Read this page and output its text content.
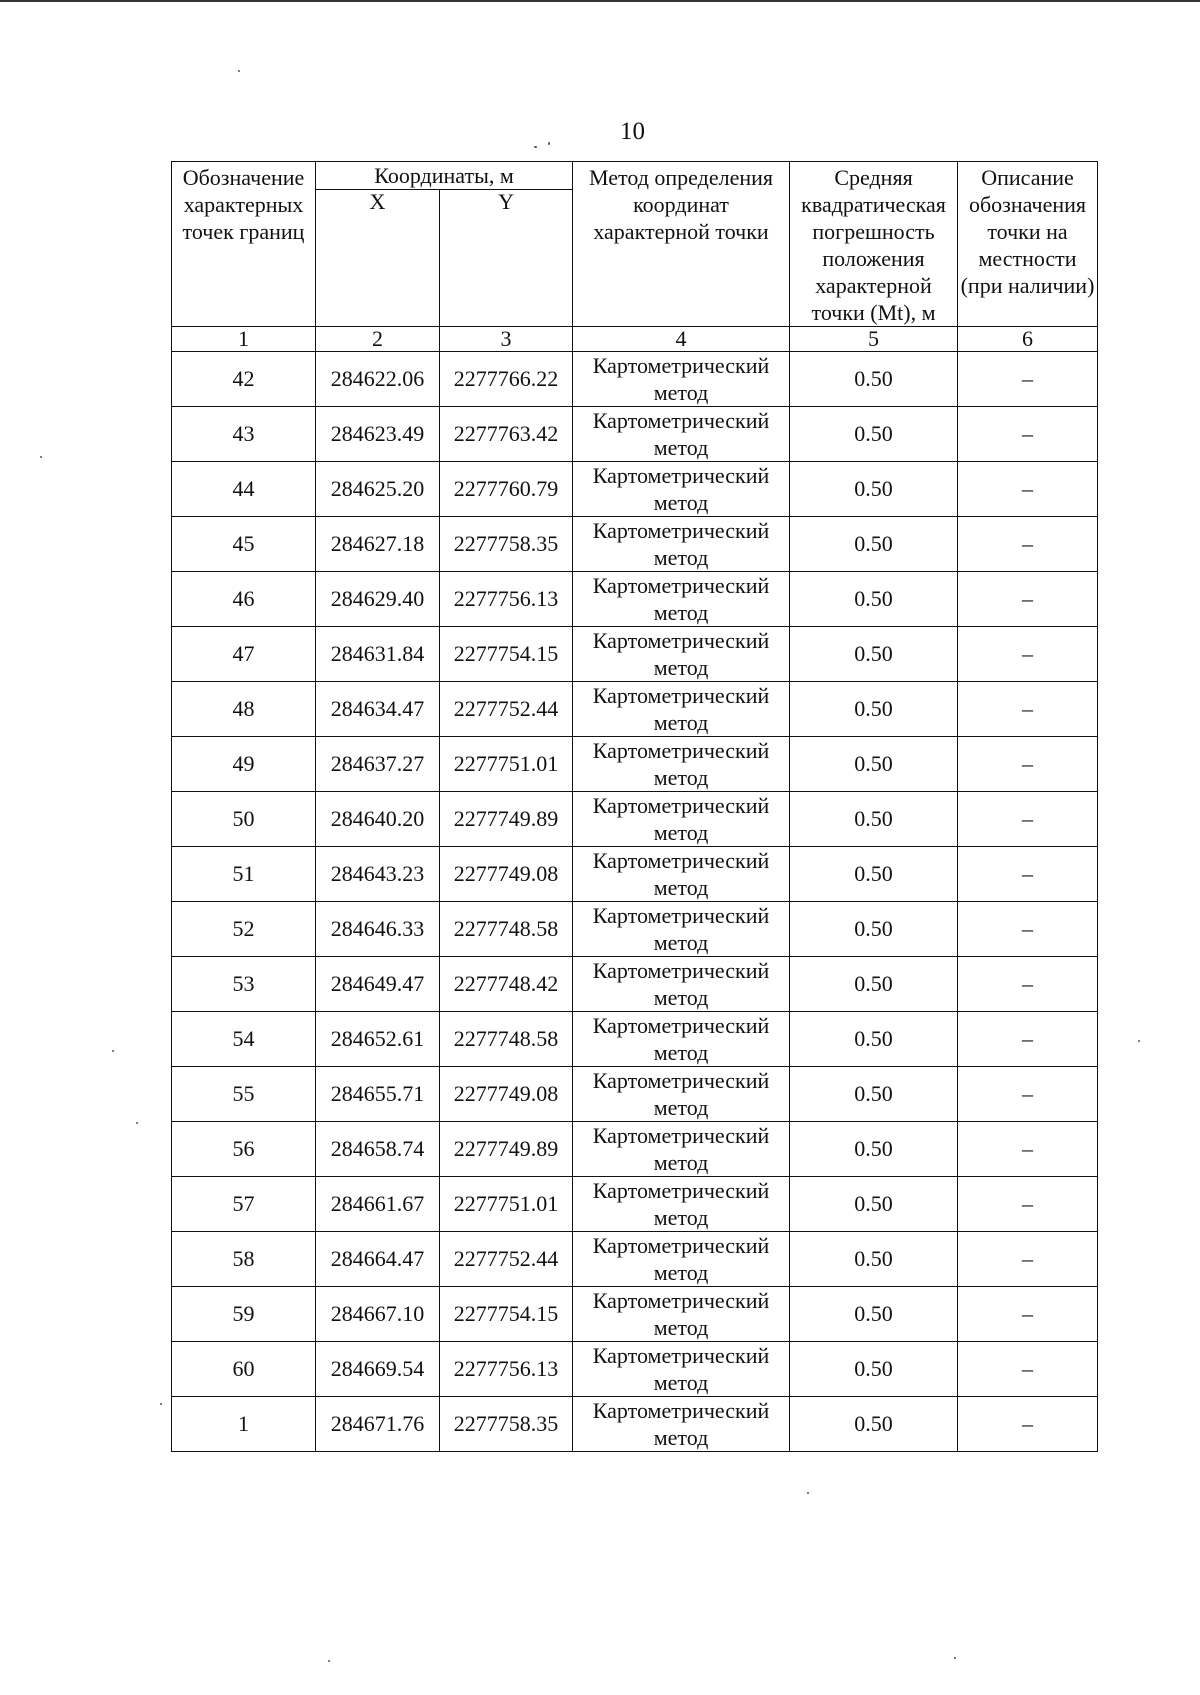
10
Обозначение характерных точек границ	Координаты, м		Метод определения координат характерной точки	Средняя квадратическая погрешность положения характерной точки (Mt), м	Описание обозначения точки на местности (при наличии)
	X	Y			
1	2	3	4	5	6
42	284622.06	2277766.22	Картометрический метод	0.50	–
43	284623.49	2277763.42	Картометрический метод	0.50	–
44	284625.20	2277760.79	Картометрический метод	0.50	–
45	284627.18	2277758.35	Картометрический метод	0.50	–
46	284629.40	2277756.13	Картометрический метод	0.50	–
47	284631.84	2277754.15	Картометрический метод	0.50	–
48	284634.47	2277752.44	Картометрический метод	0.50	–
49	284637.27	2277751.01	Картометрический метод	0.50	–
50	284640.20	2277749.89	Картометрический метод	0.50	–
51	284643.23	2277749.08	Картометрический метод	0.50	–
52	284646.33	2277748.58	Картометрический метод	0.50	–
53	284649.47	2277748.42	Картометрический метод	0.50	–
54	284652.61	2277748.58	Картометрический метод	0.50	–
55	284655.71	2277749.08	Картометрический метод	0.50	–
56	284658.74	2277749.89	Картометрический метод	0.50	–
57	284661.67	2277751.01	Картометрический метод	0.50	–
58	284664.47	2277752.44	Картометрический метод	0.50	–
59	284667.10	2277754.15	Картометрический метод	0.50	–
60	284669.54	2277756.13	Картометрический метод	0.50	–
1	284671.76	2277758.35	Картометрический метод	0.50	–
